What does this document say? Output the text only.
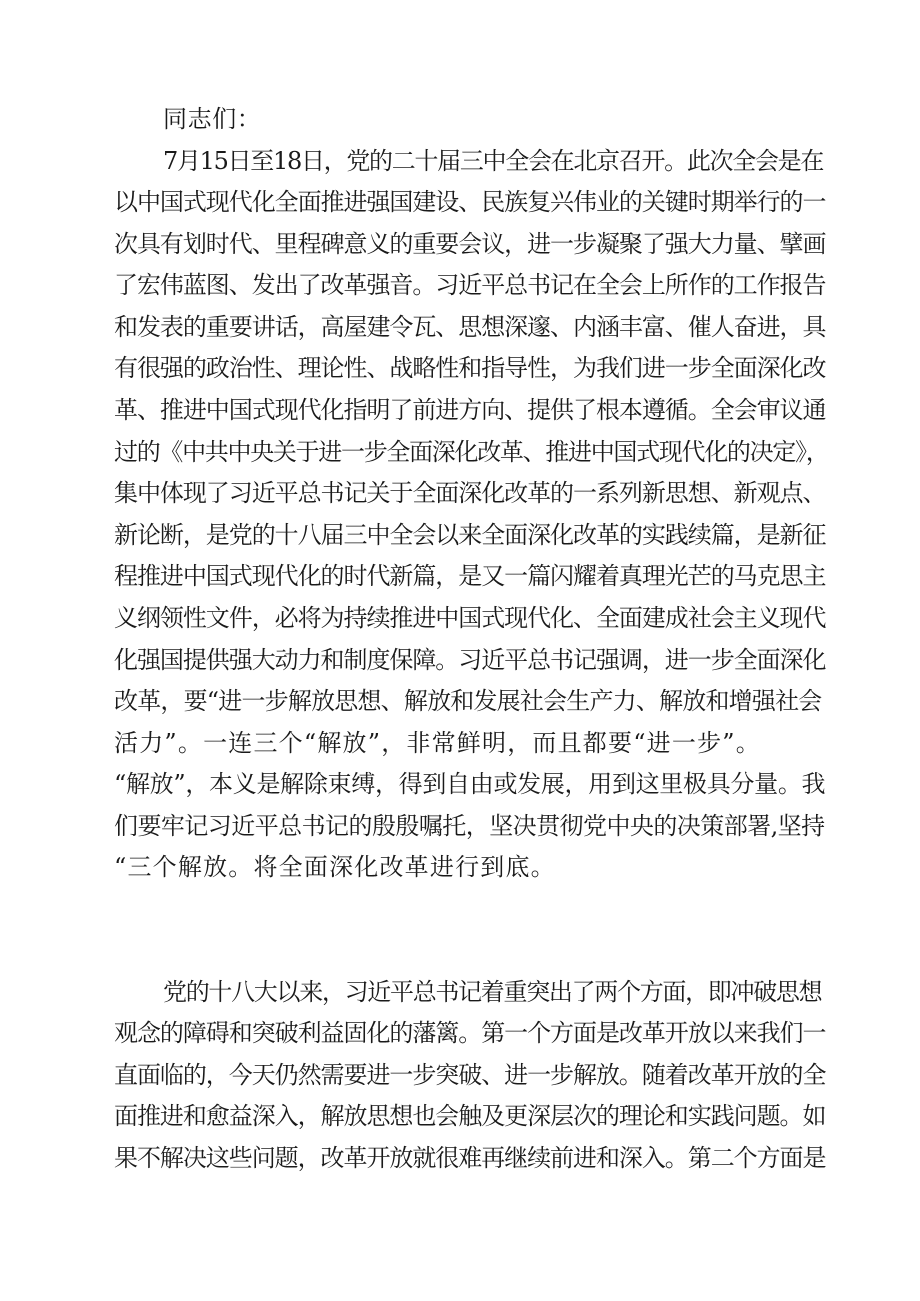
同志们：
7月15日至18日，党的二十届三中全会在北京召开。此次全会是在
以中国式现代化全面推进强国建设、民族复兴伟业的关键时期举行的一
次具有划时代、里程碑意义的重要会议，进一步凝聚了强大力量、擘画
了宏伟蓝图、发出了改革强音。习近平总书记在全会上所作的工作报告
和发表的重要讲话，高屋建令瓦、思想深邃、内涵丰富、催人奋进，具
有很强的政治性、理论性、战略性和指导性，为我们进一步全面深化改
革、推进中国式现代化指明了前进方向、提供了根本遵循。全会审议通
过的《中共中央关于进一步全面深化改革、推进中国式现代化的决定》，
集中体现了习近平总书记关于全面深化改革的一系列新思想、新观点、
新论断，是党的十八届三中全会以来全面深化改革的实践续篇，是新征
程推进中国式现代化的时代新篇，是又一篇闪耀着真理光芒的马克思主
义纲领性文件，必将为持续推进中国式现代化、全面建成社会主义现代
化强国提供强大动力和制度保障。习近平总书记强调，进一步全面深化
改革，要“进一步解放思想、解放和发展社会生产力、解放和增强社会
活力”。一连三个“解放”，非常鲜明，而且都要“进一步”。
“解放”，本义是解除束缚，得到自由或发展，用到这里极具分量。我
们要牢记习近平总书记的殷殷嘱托，坚决贯彻党中央的决策部署,坚持
“三个解放。将全面深化改革进行到底。
党的十八大以来，习近平总书记着重突出了两个方面，即冲破思想
观念的障碍和突破利益固化的藩篱。第一个方面是改革开放以来我们一
直面临的，今天仍然需要进一步突破、进一步解放。随着改革开放的全
面推进和愈益深入，解放思想也会触及更深层次的理论和实践问题。如
果不解决这些问题，改革开放就很难再继续前进和深入。第二个方面是
